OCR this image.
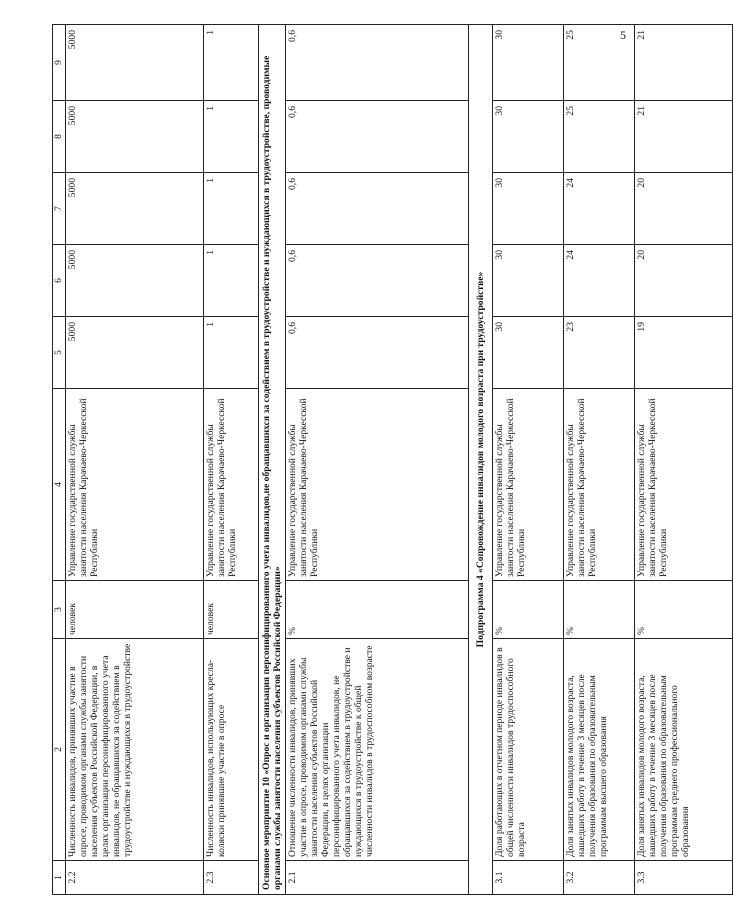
5
1	2	3	4	5	6	7	8	9
2.2	Численность инвалидов, принявших участие в опросе, проводимом органами службы занятости населения субъектов Российской Федерации, в целях организации персонифицированного учета инвалидов, не обращавшихся за содействием в трудоустройстве и нуждающихся в трудоустройстве	человек	Управление государственной службы занятости населения Карачаево-Черкесской Республики	5000	5000	5000	5000	5000
2.3	Численность инвалидов, использующих кресла-коляски принявшие участие в опросе	человек	Управление государственной службы занятости населения Карачаево-Черкесской Республики	1	1	1	1	1
Основное мероприятие 10 «Опрос и организация персонифицированного учета инвалидов,не обращавшихся за содействием в трудоустройстве и нуждающихся в трудоустройстве, проводимые органами службы занятости населения субъектов Российской Федерации»								
2.1	Отношение численности инвалидов, принявших участие в опросе, проводимом органами службы занятости населения субъектов Российской Федерации, в целях организации персонифицированного учета инвалидов, не обращавшихся за содействием в трудоустройстве и нуждающихся в трудоустройстве к общей численности инвалидов в трудоспособном возрасте	%	Управление государственной службы занятости населения Карачаево-Черкесской Республики	0,6	0,6	0,6	0,6	0,6
Подпрограмма 4 «Сопровождение инвалидов молодого возраста при трудоустройстве»								
3.1	Доля работающих в отчетном периоде инвалидов в общей численности инвалидов трудоспособного возраста	%	Управление государственной службы занятости населения Карачаево-Черкесской Республики	30	30	30	30	30
3.2	Доля занятых инвалидов молодого возраста, нашедших работу в течение 3 месяцев после получения образования по образовательным программам высшего образования	%	Управление государственной службы занятости населения Карачаево-Черкесской Республики	23	24	24	25	25
3.3	Доля занятых инвалидов молодого возраста, нашедших работу в течение 3 месяцев после получения образования по образовательным программам среднего профессионального образования	%	Управление государственной службы занятости населения Карачаево-Черкесской Республики	19	20	20	21	21
